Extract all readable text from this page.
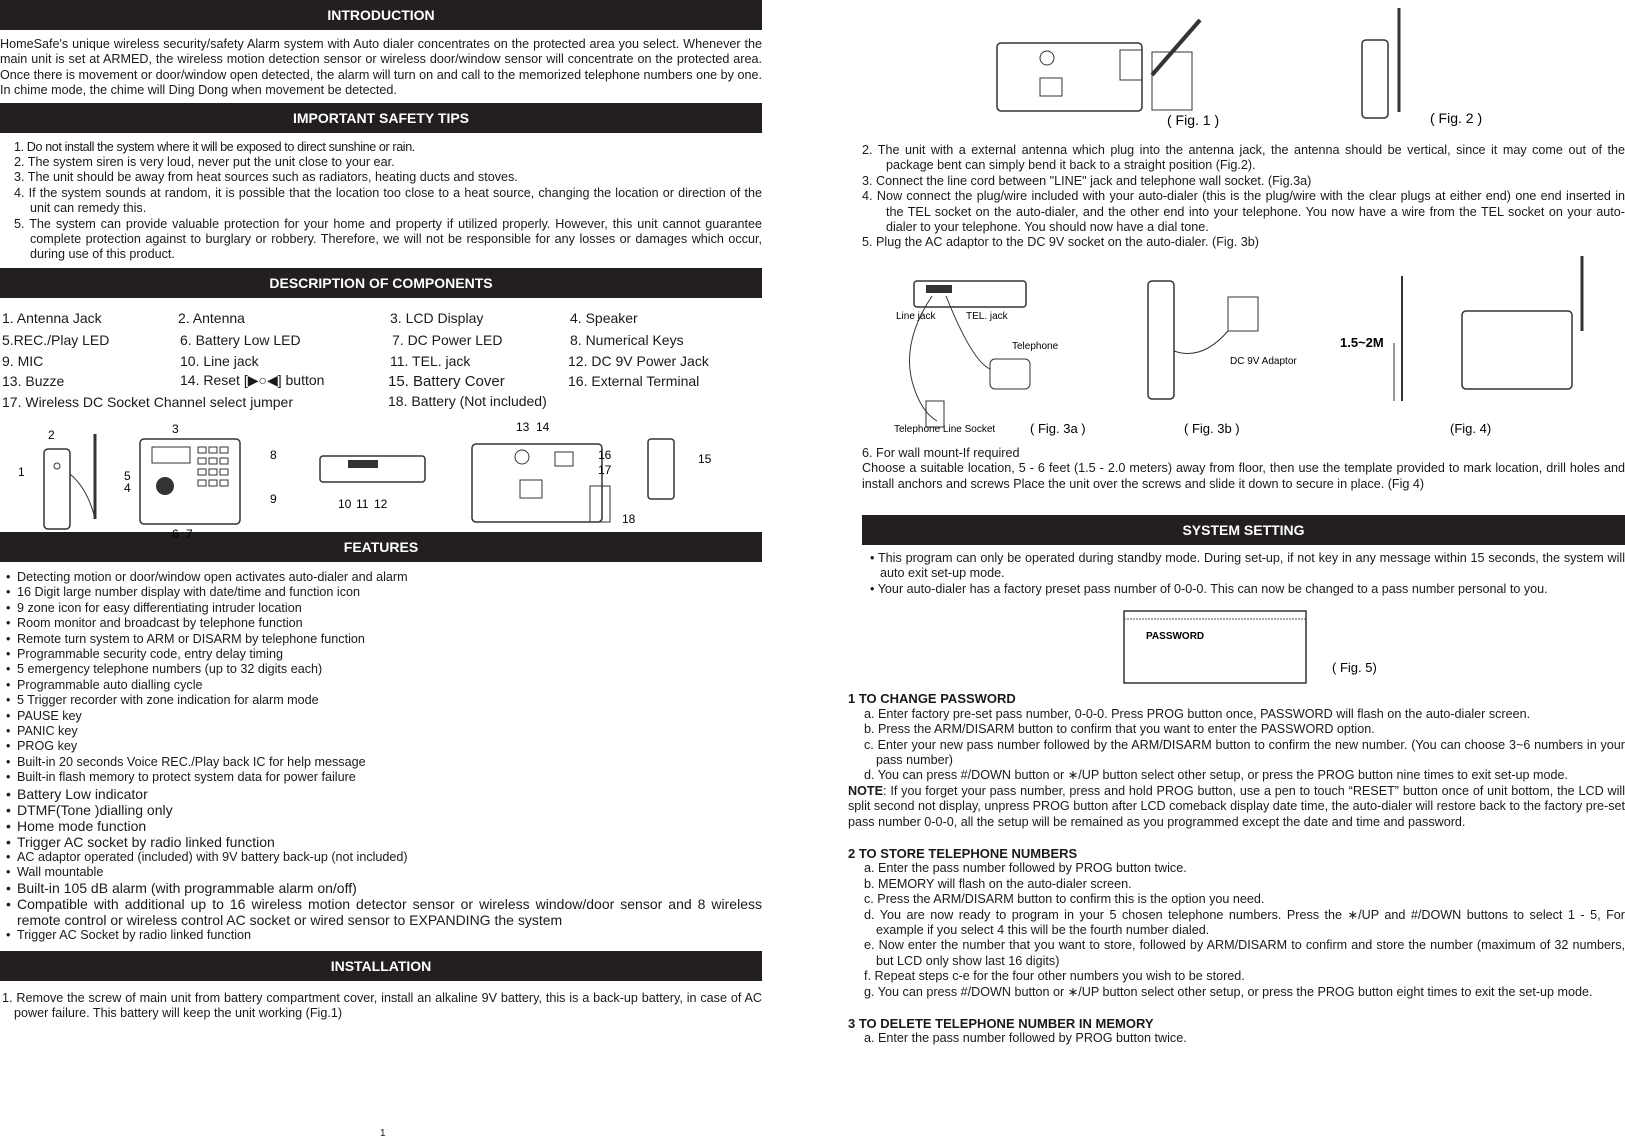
INTRODUCTION

HomeSafe's unique wireless security/safety Alarm system with Auto dialer concentrates on the protected area you select. Whenever the main unit is set at ARMED, the wireless motion detection sensor or wireless door/window sensor will concentrate on the protected area. Once there is movement or door/window open detected, the alarm will turn on and call to the memorized telephone numbers one by one. In chime mode, the chime will Ding Dong when movement be detected.

IMPORTANT SAFETY TIPS

1. Do not install the system where it will be exposed to direct sunshine or rain.

2. The system siren is very loud, never put the unit close to your ear.

3. The unit should be away from heat sources such as radiators, heating ducts and stoves.

4. If the system sounds at random, it is possible that the location too close to a heat source, changing the location or direction of the unit can remedy this.

5. The system can provide valuable protection for your home and property if utilized properly. However, this unit cannot guarantee complete protection against to burglary or robbery. Therefore, we will not be responsible for any losses or damages which occur, during use of this product.

DESCRIPTION OF COMPONENTS
1. Antenna Jack	2. Antenna	3. LCD Display	4. Speaker
5.REC./Play LED	6. Battery Low LED	7. DC Power LED	8. Numerical Keys
9. MIC	10. Line jack	11. TEL. jack	12. DC 9V Power Jack
13. Buzze	14. Reset [▶○◀] button	15. Battery Cover	16. External Terminal
17. Wireless DC Socket Channel select jumper	18. Battery (Not included)
2
1
3
5
4
6 7
8
9	10 11 12
13 14
16
17
18
15
FEATURES
• Detecting motion or door/window open activates auto-dialer and alarm
• 16 Digit large number display with date/time and function icon
• 9 zone icon for easy differentiating intruder location
• Room monitor and broadcast by telephone function
• Remote turn system to ARM or DISARM by telephone function
• Programmable security code, entry delay timing
• 5 emergency telephone numbers (up to 32 digits each)
• Programmable auto dialling cycle
• 5 Trigger recorder with zone indication for alarm mode
• PAUSE key
• PANIC key
• PROG key
• Built-in 20 seconds Voice REC./Play back IC for help message
• Built-in flash memory to protect system data for power failure
• Battery Low indicator
• DTMF(Tone )dialling only
• Home mode function
• Trigger AC socket by radio linked function
• AC adaptor operated (included) with 9V battery back-up (not included)
• Wall mountable
• Built-in 105 dB alarm (with programmable alarm on/off)
• Compatible with additional up to 16 wireless motion detector sensor or wireless window/door sensor and 8 wireless remote control or wireless control AC socket or wired sensor to EXPANDING the system
• Trigger AC Socket by radio linked function
INSTALLATION

1. Remove the screw of main unit from battery compartment cover, install an alkaline 9V battery, this is a back-up battery, in case of AC power failure. This battery will keep the unit working (Fig.1)

1
( Fig. 1 )	( Fig. 2 )

2. The unit with a external antenna which plug into the antenna jack, the antenna should be vertical, since it may come out of the package bent can simply bend it back to a straight position (Fig.2).

3. Connect the line cord between "LINE" jack and telephone wall socket. (Fig.3a)

4. Now connect the plug/wire included with your auto-dialer (this is the plug/wire with the clear plugs at either end) one end inserted in the TEL socket on the auto-dialer, and the other end into your telephone. You now have a wire from the TEL socket on your auto-dialer to your telephone. You should now have a dial tone.

5. Plug the AC adaptor to the DC 9V socket on the auto-dialer. (Fig. 3b)

Line jack	TEL. jack
Telephone
Telephone Line Socket	( Fig. 3a )
DC 9V Adaptor
( Fig. 3b )
1.5~2M
(Fig. 4)

6. For wall mount-If required

Choose a suitable location, 5 - 6 feet (1.5 - 2.0 meters) away from floor, then use the template provided to mark location, drill holes and install anchors and screws Place the unit over the screws and slide it down to secure in place. (Fig 4)

SYSTEM SETTING

• This program can only be operated during standby mode. During set-up, if not key in any message within 15 seconds, the system will auto exit set-up mode.

• Your auto-dialer has a factory preset pass number of 0-0-0. This can now be changed to a pass number personal to you.

PASSWORD
( Fig. 5)

1 TO CHANGE PASSWORD

a. Enter factory pre-set pass number, 0-0-0. Press PROG button once, PASSWORD will flash on the auto-dialer screen.

b. Press the ARM/DISARM button to confirm that you want to enter the PASSWORD option.

c. Enter your new pass number followed by the ARM/DISARM button to confirm the new number. (You can choose 3~6 numbers in your pass number)

d. You can press #/DOWN button or ∗/UP button select other setup, or press the PROG button nine times to exit set-up mode.

NOTE: If you forget your pass number, press and hold PROG button, use a pen to touch “RESET” button once of unit bottom, the LCD will split second not display, unpress PROG button after LCD comeback display date time, the auto-dialer will restore back to the factory pre-set pass number 0-0-0, all the setup will be remained as you programmed except the date and time and password.

2 TO STORE TELEPHONE NUMBERS

a. Enter the pass number followed by PROG button twice.

b. MEMORY will flash on the auto-dialer screen.

c. Press the ARM/DISARM button to confirm this is the option you need.

d. You are now ready to program in your 5 chosen telephone numbers. Press the ∗/UP and #/DOWN buttons to select 1 - 5, For example if you select 4 this will be the fourth number dialed.

e. Now enter the number that you want to store, followed by ARM/DISARM to confirm and store the number (maximum of 32 numbers, but LCD only show last 16 digits)

f. Repeat steps c-e for the four other numbers you wish to be stored.

g. You can press #/DOWN button or ∗/UP button select other setup, or press the PROG button eight times to exit the set-up mode.

3 TO DELETE TELEPHONE NUMBER IN MEMORY

a. Enter the pass number followed by PROG button twice.
